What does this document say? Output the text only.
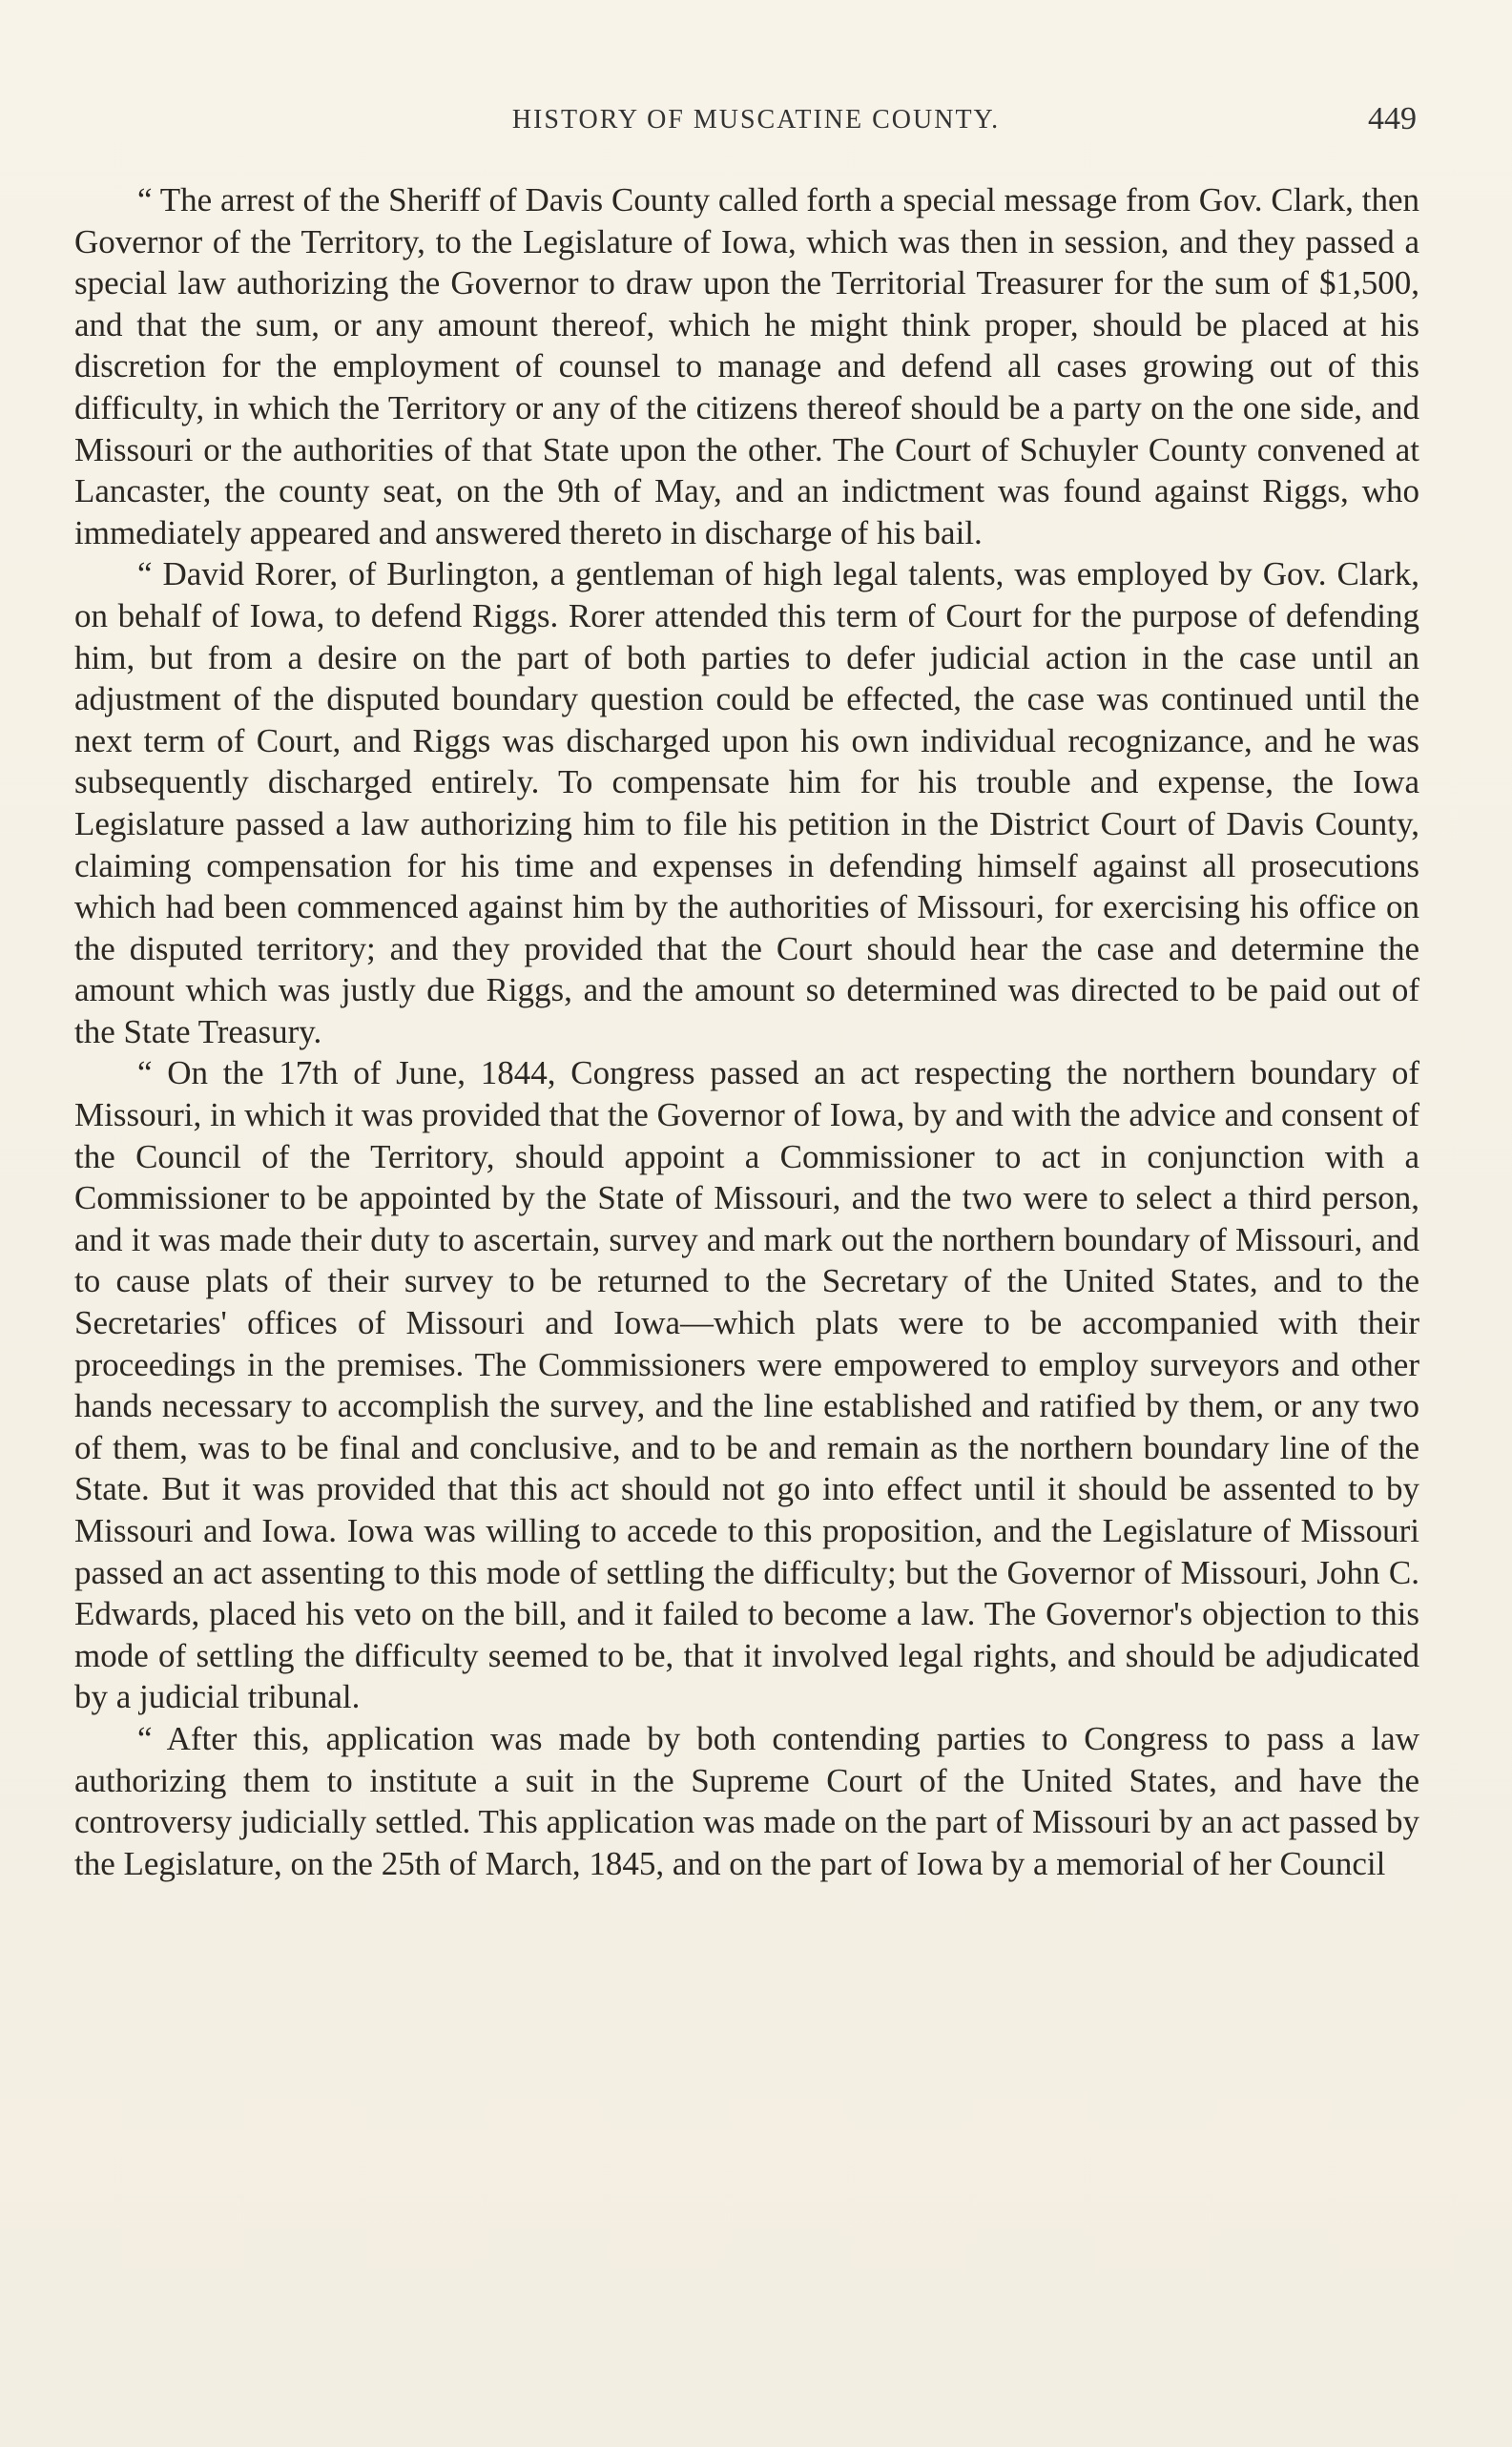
HISTORY OF MUSCATINE COUNTY.	449

“ The arrest of the Sheriff of Davis County called forth a special message from Gov. Clark, then Governor of the Territory, to the Legislature of Iowa, which was then in session, and they passed a special law authorizing the Governor to draw upon the Territorial Treasurer for the sum of $1,500, and that the sum, or any amount thereof, which he might think proper, should be placed at his discretion for the employment of counsel to manage and defend all cases growing out of this difficulty, in which the Territory or any of the citizens thereof should be a party on the one side, and Missouri or the authorities of that State upon the other. The Court of Schuyler County convened at Lancaster, the county seat, on the 9th of May, and an indictment was found against Riggs, who immediately appeared and answered thereto in discharge of his bail.

“ David Rorer, of Burlington, a gentleman of high legal talents, was employed by Gov. Clark, on behalf of Iowa, to defend Riggs. Rorer attended this term of Court for the purpose of defending him, but from a desire on the part of both parties to defer judicial action in the case until an adjustment of the disputed boundary question could be effected, the case was continued until the next term of Court, and Riggs was discharged upon his own individual recognizance, and he was subsequently discharged entirely. To compensate him for his trouble and expense, the Iowa Legislature passed a law authorizing him to file his petition in the District Court of Davis County, claiming compensation for his time and expenses in defending himself against all prosecutions which had been commenced against him by the authorities of Missouri, for exercising his office on the disputed territory; and they provided that the Court should hear the case and determine the amount which was justly due Riggs, and the amount so determined was directed to be paid out of the State Treasury.

“ On the 17th of June, 1844, Congress passed an act respecting the northern boundary of Missouri, in which it was provided that the Governor of Iowa, by and with the advice and consent of the Council of the Territory, should appoint a Commissioner to act in conjunction with a Commissioner to be appointed by the State of Missouri, and the two were to select a third person, and it was made their duty to ascertain, survey and mark out the northern boundary of Missouri, and to cause plats of their survey to be returned to the Secretary of the United States, and to the Secretaries' offices of Missouri and Iowa—which plats were to be accompanied with their proceedings in the premises. The Commissioners were empowered to employ surveyors and other hands necessary to accomplish the survey, and the line established and ratified by them, or any two of them, was to be final and conclusive, and to be and remain as the northern boundary line of the State. But it was provided that this act should not go into effect until it should be assented to by Missouri and Iowa. Iowa was willing to accede to this proposition, and the Legislature of Missouri passed an act assenting to this mode of settling the difficulty; but the Governor of Missouri, John C. Edwards, placed his veto on the bill, and it failed to become a law. The Governor's objection to this mode of settling the difficulty seemed to be, that it involved legal rights, and should be adjudicated by a judicial tribunal.

“ After this, application was made by both contending parties to Congress to pass a law authorizing them to institute a suit in the Supreme Court of the United States, and have the controversy judicially settled. This application was made on the part of Missouri by an act passed by the Legislature, on the 25th of March, 1845, and on the part of Iowa by a memorial of her Council
